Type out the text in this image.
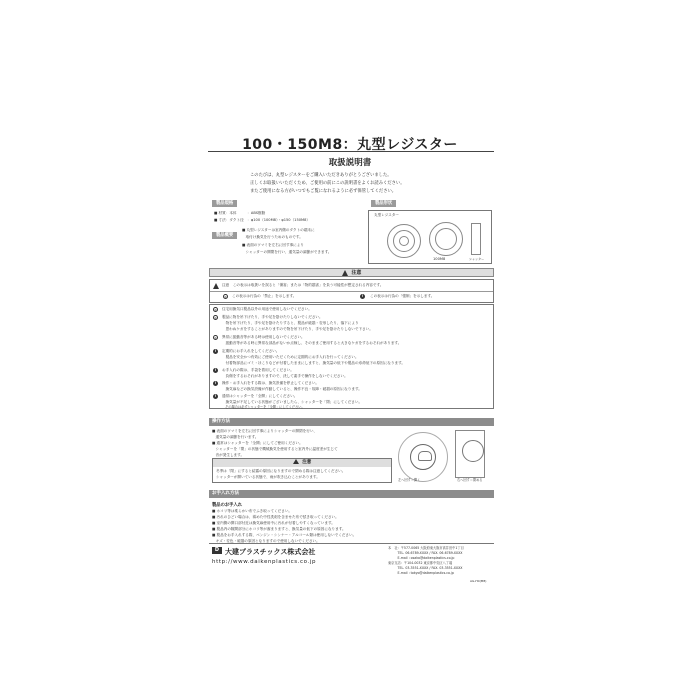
100・150M8：丸型レジスター
取扱説明書
このたびは、丸型レジスターをご購入いただきありがとうございました。
正しくお取扱いいただくため、ご使用の前にこの説明書をよくお読みください。
またご使用になる方がいつでもご覧になれるように必ず保管してください。
製品規格
■ 材質：本体　　　：ABS樹脂
■ 寸法：ダクト径　：φ100（100M8）・φ150（150M8）
製品概要
■ 丸型レジスターは室内側のダクトの端末に
　取付け換気を行うためのものです。
■ 表面のツマミを左右に回す事により
　シャッターの開閉を行い、通気量の調節ができます。
製品形状
丸型レジスター
100M8	シャッター
注意
注意　この表示は取扱いを誤ると「傷害」または「物的損害」を負う可能性が想定される内容です。
⊘	この表示は行為の「禁止」を示します。	!	この表示は行為の「強制」を示します。
⊘	住宅用換気口製品以外の用途で使用しないでください。
⊘	製品に物を吊下げたり、手や足を掛けたりしないでください。
　物を吊下げたり、手や足を掛けたりすると、製品が破損・変形したり、落下により
　思わぬケガをすることがありますので物を吊下げたり、手や足を掛けたりしないで下さい。
⊘	異常に振動音等がある時は使用しないでください。
　振動音等がある時に異常な部品がないか点検し、そのままご使用すると大きなケガをするおそれがあります。
!	定期的にお手入れをしてください。
　製品を安全かつ有効にご使用いただくために定期的にお手入れを行ってください。
　付着物部品にゴミ・ほこりなどが付着したままにしますと、換気量の低下や製品の寿命低下の原因になります。
!	お手入れの際は、手袋を着用してください。
　負傷をするおそれがありますので、決して素手で操作をしないでください。
!	操作・お手入れをする際は、換気設備を停止してください。
　換気扇などの換気設備が作動していると、操作不良・故障・破損の原因になります。
!	通常はシャッターを「全開」にしてください。
　換気量が不足している状態がございましたら、シャッターを「閉」にしてください。
　その場合は必ずシャッターを「全開」にしてください。
操作方法
■ 表面のツマミを左右に回す事によりシャッターの開閉を行い、
　通気量の調節を行います。
■ 通常はシャッターを「全開」にしてご使用ください。
　シャッターを「閉」の状態で機械換気を使用すると室内外に温度差が生じて
　音が発生します。
注意
冬季は「閉」にすると結露の原因になりますので閉める際は注意してください。
シャッターが開いている状態で、雨が吹き込むことがあります。
左へ回す＝開く	右へ回す＝閉める
お手入れ方法
製品のお手入れ
■ ホコリ等は柔らかい布でふき取ってください。
■ 汚れのひどい場合は、薄めた中性洗剤を含ませた布で拭き取ってください。
■ 室内側の開口部付近は換気扇使用中に汚れが付着しやすくなっています。
■ 製品内の隙間部分にホコリ等が溜まりますと、換気量の低下の原因になります。
■ 製品をお手入れする際、ベンジン・シンナー・アルコール類は使用しないでください。
　キズ・変色・破損の原因となりますので使用しないでください。
D 大建プラスチックス株式会社
http://www.daikenplastics.co.jp
本　社：〒577-0065 大阪府東大阪市高井田中1丁目
　　　TEL. 06-6789-XXXX / FAX. 06-6789-XXXX
　　　E-mail : osaka@daikenplastics.co.jp
東京支店：〒104-0032 東京都中央区八丁堀
　　　TEL. 03-3551-XXXX / FAX. 03-3551-XXXX
　　　E-mail : tokyo@daikenplastics.co.jp
AG-H0(M8)
